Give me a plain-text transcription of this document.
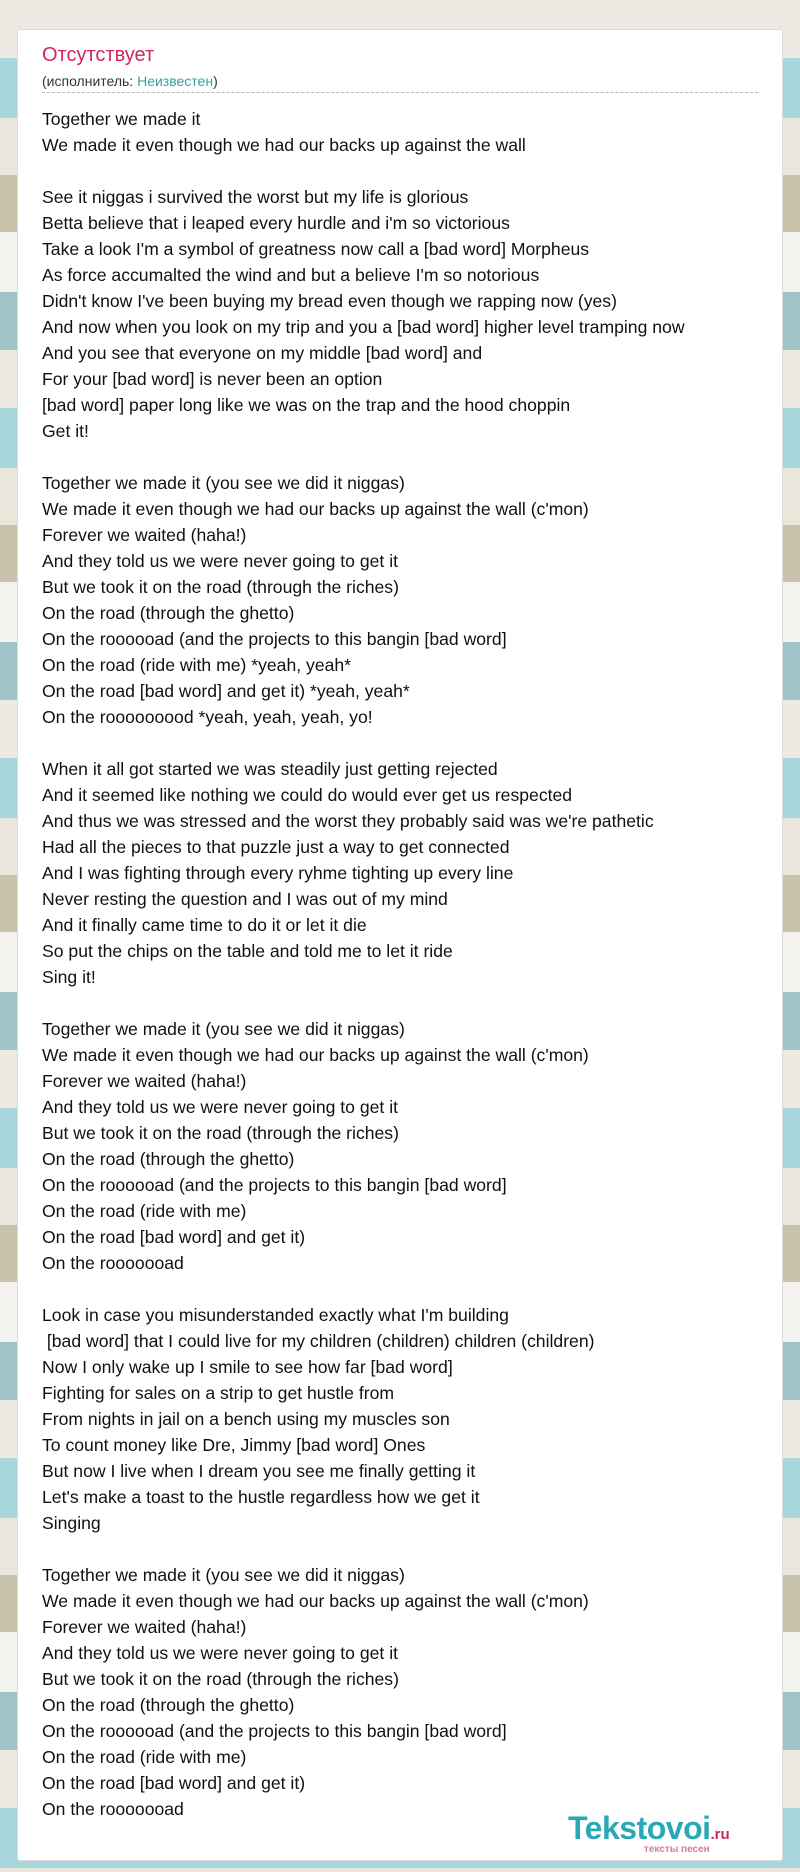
Отсутствует
(исполнитель: Неизвестен)
Together we made it
We made it even though we had our backs up against the wall

See it niggas i survived the worst but my life is glorious
Betta believe that i leaped every hurdle and i'm so victorious
Take a look I'm a symbol of greatness now call a [bad word] Morpheus
As force accumalted the wind and but a believe I'm so notorious
Didn't know I've been buying my bread even though we rapping now (yes)
And now when you look on my trip and you a [bad word] higher level tramping now
And you see that everyone on my middle [bad word] and
For your [bad word] is never been an option
[bad word] paper long like we was on the trap and the hood choppin
Get it!

Together we made it (you see we did it niggas)
We made it even though we had our backs up against the wall (c'mon)
Forever we waited (haha!)
And they told us we were never going to get it
But we took it on the road (through the riches)
On the road (through the ghetto)
On the roooooad (and the projects to this bangin [bad word]
On the road (ride with me) *yeah, yeah*
On the road [bad word] and get it) *yeah, yeah*
On the rooooooood *yeah, yeah, yeah, yo!

When it all got started we was steadily just getting rejected
And it seemed like nothing we could do would ever get us respected
And thus we was stressed and the worst they probably said was we're pathetic
Had all the pieces to that puzzle just a way to get connected
And I was fighting through every ryhme tighting up every line
Never resting the question and I was out of my mind
And it finally came time to do it or let it die
So put the chips on the table and told me to let it ride
Sing it!

Together we made it (you see we did it niggas)
We made it even though we had our backs up against the wall (c'mon)
Forever we waited (haha!)
And they told us we were never going to get it
But we took it on the road (through the riches)
On the road (through the ghetto)
On the roooooad (and the projects to this bangin [bad word]
On the road (ride with me)
On the road [bad word] and get it)
On the rooooooad

Look in case you misunderstanded exactly what I'm building
[bad word] that I could live for my children (children) children (children)
Now I only wake up I smile to see how far [bad word]
Fighting for sales on a strip to get hustle from
From nights in jail on a bench using my muscles son
To count money like Dre, Jimmy [bad word] Ones
But now I live when I dream you see me finally getting it
Let's make a toast to the hustle regardless how we get it
Singing

Together we made it (you see we did it niggas)
We made it even though we had our backs up against the wall (c'mon)
Forever we waited (haha!)
And they told us we were never going to get it
But we took it on the road (through the riches)
On the road (through the ghetto)
On the roooooad (and the projects to this bangin [bad word]
On the road (ride with me)
On the road [bad word] and get it)
On the rooooooad
Tekstovoi.ru
тексты песен
